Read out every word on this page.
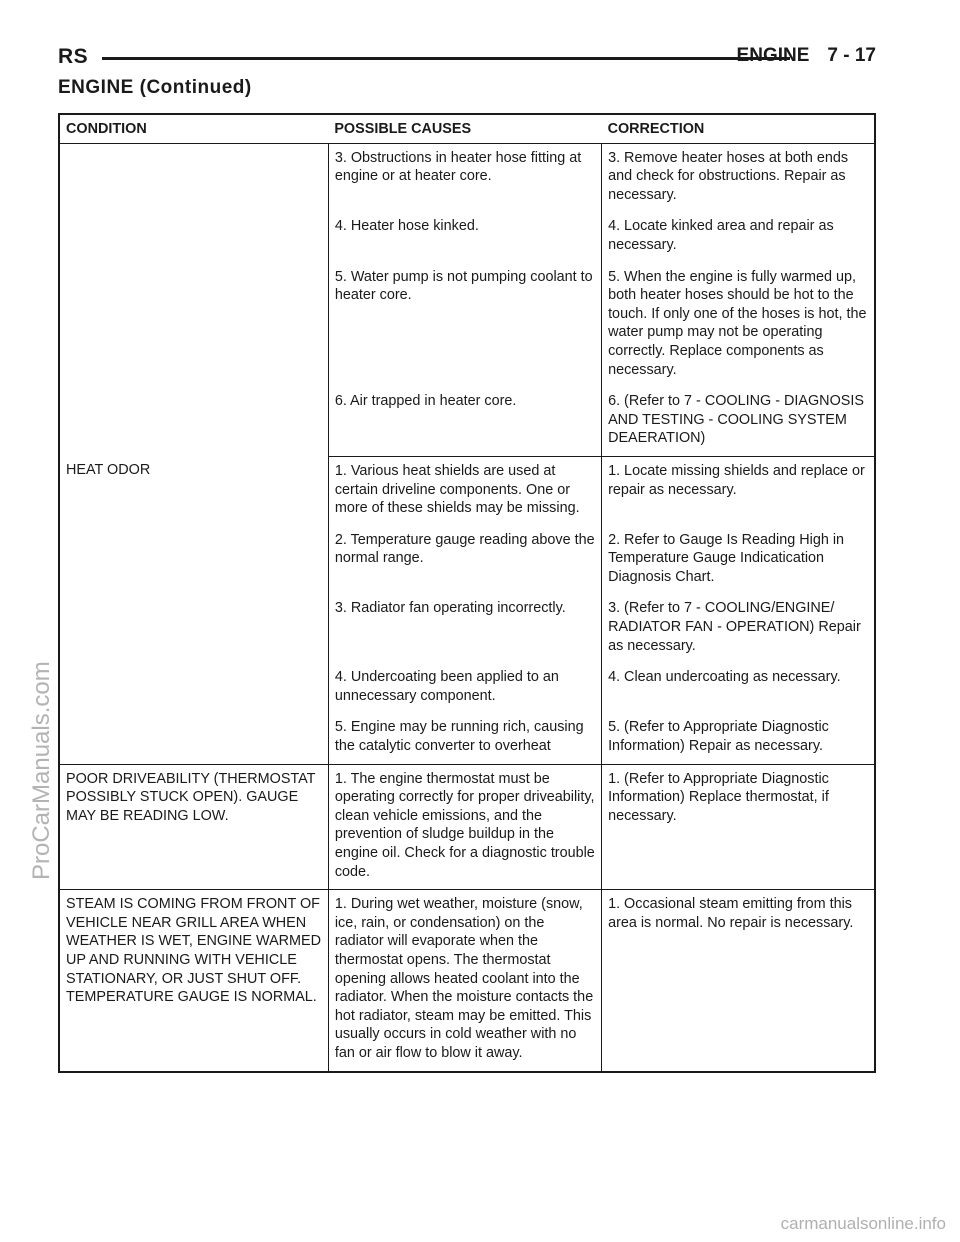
RS	ENGINE 7 - 17
ENGINE (Continued)
CONDITION	POSSIBLE CAUSES	CORRECTION
	3. Obstructions in heater hose fitting at engine or at heater core.	3. Remove heater hoses at both ends and check for obstructions. Repair as necessary.
	4. Heater hose kinked.	4. Locate kinked area and repair as necessary.
	5. Water pump is not pumping coolant to heater core.	5. When the engine is fully warmed up, both heater hoses should be hot to the touch. If only one of the hoses is hot, the water pump may not be operating correctly. Replace components as necessary.
	6. Air trapped in heater core.	6. (Refer to 7 - COOLING - DIAGNOSIS AND TESTING - COOLING SYSTEM DEAERATION)
HEAT ODOR	1. Various heat shields are used at certain driveline components. One or more of these shields may be missing.	1. Locate missing shields and replace or repair as necessary.
	2. Temperature gauge reading above the normal range.	2. Refer to Gauge Is Reading High in Temperature Gauge Indicatication Diagnosis Chart.
	3. Radiator fan operating incorrectly.	3. (Refer to 7 - COOLING/ENGINE/ RADIATOR FAN - OPERATION) Repair as necessary.
	4. Undercoating been applied to an unnecessary component.	4. Clean undercoating as necessary.
	5. Engine may be running rich, causing the catalytic converter to overheat	5. (Refer to Appropriate Diagnostic Information) Repair as necessary.
POOR DRIVEABILITY (THERMOSTAT POSSIBLY STUCK OPEN). GAUGE MAY BE READING LOW.	1. The engine thermostat must be operating correctly for proper driveability, clean vehicle emissions, and the prevention of sludge buildup in the engine oil. Check for a diagnostic trouble code.	1. (Refer to Appropriate Diagnostic Information) Replace thermostat, if necessary.
STEAM IS COMING FROM FRONT OF VEHICLE NEAR GRILL AREA WHEN WEATHER IS WET, ENGINE WARMED UP AND RUNNING WITH VEHICLE STATIONARY, OR JUST SHUT OFF. TEMPERATURE GAUGE IS NORMAL.	1. During wet weather, moisture (snow, ice, rain, or condensation) on the radiator will evaporate when the thermostat opens. The thermostat opening allows heated coolant into the radiator. When the moisture contacts the hot radiator, steam may be emitted. This usually occurs in cold weather with no fan or air flow to blow it away.	1. Occasional steam emitting from this area is normal. No repair is necessary.
ProCarManuals.com
carmanualsonline.info
